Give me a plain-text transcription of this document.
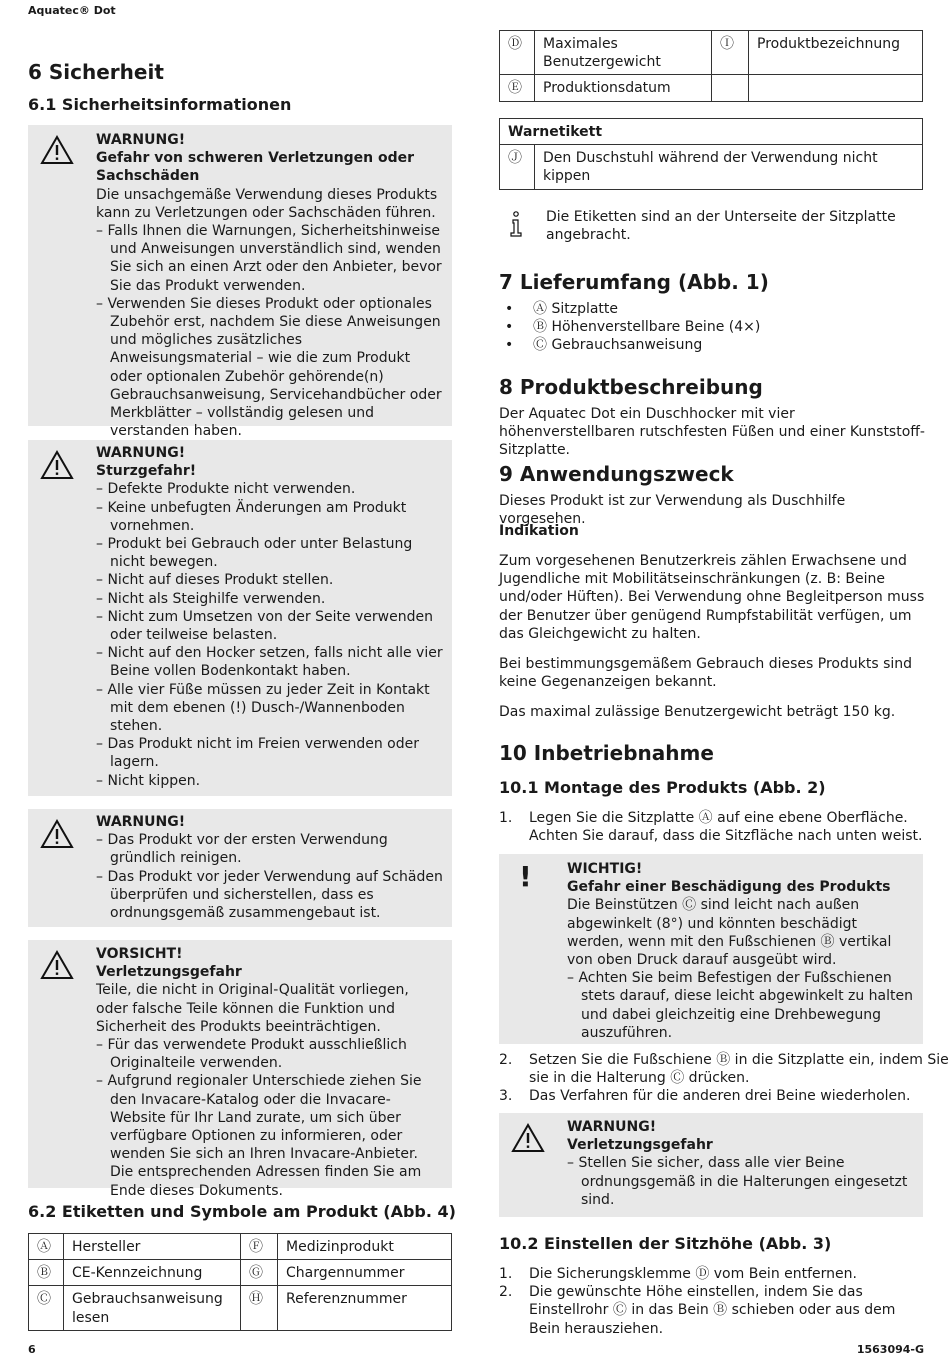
Aquatec® Dot
6 Sicherheit
6.1 Sicherheitsinformationen
WARNUNG!
Gefahr von schweren Verletzungen oder Sachschäden
Die unsachgemäße Verwendung dieses Produkts kann zu Verletzungen oder Sachschäden führen.
– Falls Ihnen die Warnungen, Sicherheitshinweise und Anweisungen unverständlich sind, wenden Sie sich an einen Arzt oder den Anbieter, bevor Sie das Produkt verwenden.
– Verwenden Sie dieses Produkt oder optionales Zubehör erst, nachdem Sie diese Anweisungen und mögliches zusätzliches Anweisungsmaterial – wie die zum Produkt oder optionalen Zubehör gehörende(n) Gebrauchsanweisung, Servicehandbücher oder Merkblätter – vollständig gelesen und verstanden haben.
WARNUNG!
Sturzgefahr!
– Defekte Produkte nicht verwenden.
– Keine unbefugten Änderungen am Produkt vornehmen.
– Produkt bei Gebrauch oder unter Belastung nicht bewegen.
– Nicht auf dieses Produkt stellen.
– Nicht als Steighilfe verwenden.
– Nicht zum Umsetzen von der Seite verwenden oder teilweise belasten.
– Nicht auf den Hocker setzen, falls nicht alle vier Beine vollen Bodenkontakt haben.
– Alle vier Füße müssen zu jeder Zeit in Kontakt mit dem ebenen (!) Dusch-/Wannenboden stehen.
– Das Produkt nicht im Freien verwenden oder lagern.
– Nicht kippen.
WARNUNG!
– Das Produkt vor der ersten Verwendung gründlich reinigen.
– Das Produkt vor jeder Verwendung auf Schäden überprüfen und sicherstellen, dass es ordnungsgemäß zusammengebaut ist.
VORSICHT!
Verletzungsgefahr
Teile, die nicht in Original-Qualität vorliegen, oder falsche Teile können die Funktion und Sicherheit des Produkts beeinträchtigen.
– Für das verwendete Produkt ausschließlich Originalteile verwenden.
– Aufgrund regionaler Unterschiede ziehen Sie den Invacare-Katalog oder die Invacare-Website für Ihr Land zurate, um sich über verfügbare Optionen zu informieren, oder wenden Sie sich an Ihren Invacare-Anbieter. Die entsprechenden Adressen finden Sie am Ende dieses Dokuments.
6.2 Etiketten und Symbole am Produkt (Abb. 4)
Ⓐ	Hersteller	Ⓕ	Medizinprodukt
Ⓑ	CE-Kennzeichnung	Ⓖ	Chargennummer
Ⓒ	Gebrauchsanweisung lesen	Ⓗ	Referenznummer
6
Ⓓ	Maximales Benutzergewicht	Ⓘ	Produktbezeichnung
Ⓔ	Produktionsdatum		
Warnetikett
Ⓙ	Den Duschstuhl während der Verwendung nicht kippen
Die Etiketten sind an der Unterseite der Sitzplatte angebracht.
7 Lieferumfang (Abb. 1)
• Ⓐ Sitzplatte
• Ⓑ Höhenverstellbare Beine (4×)
• Ⓒ Gebrauchsanweisung
8 Produktbeschreibung
Der Aquatec Dot ein Duschhocker mit vier höhenverstellbaren rutschfesten Füßen und einer Kunststoff-Sitzplatte.
9 Anwendungszweck
Dieses Produkt ist zur Verwendung als Duschhilfe vorgesehen.
Indikation
Zum vorgesehenen Benutzerkreis zählen Erwachsene und Jugendliche mit Mobilitätseinschränkungen (z. B: Beine und/oder Hüften). Bei Verwendung ohne Begleitperson muss der Benutzer über genügend Rumpfstabilität verfügen, um das Gleichgewicht zu halten.
Bei bestimmungsgemäßem Gebrauch dieses Produkts sind keine Gegenanzeigen bekannt.
Das maximal zulässige Benutzergewicht beträgt 150 kg.
10 Inbetriebnahme
10.1 Montage des Produkts (Abb. 2)
1. Legen Sie die Sitzplatte Ⓐ auf eine ebene Oberfläche. Achten Sie darauf, dass die Sitzfläche nach unten weist.
!	WICHTIG!
Gefahr einer Beschädigung des Produkts
Die Beinstützen Ⓒ sind leicht nach außen abgewinkelt (8°) und könnten beschädigt werden, wenn mit den Fußschienen Ⓑ vertikal von oben Druck darauf ausgeübt wird.
– Achten Sie beim Befestigen der Fußschienen stets darauf, diese leicht abgewinkelt zu halten und dabei gleichzeitig eine Drehbewegung auszuführen.
2. Setzen Sie die Fußschiene Ⓑ in die Sitzplatte ein, indem Sie sie in die Halterung Ⓒ drücken.
3. Das Verfahren für die anderen drei Beine wiederholen.
WARNUNG!
Verletzungsgefahr
– Stellen Sie sicher, dass alle vier Beine ordnungsgemäß in die Halterungen eingesetzt sind.
10.2 Einstellen der Sitzhöhe (Abb. 3)
1. Die Sicherungsklemme Ⓓ vom Bein entfernen.
2. Die gewünschte Höhe einstellen, indem Sie das Einstellrohr Ⓒ in das Bein Ⓑ schieben oder aus dem Bein herausziehen.
1563094-G
